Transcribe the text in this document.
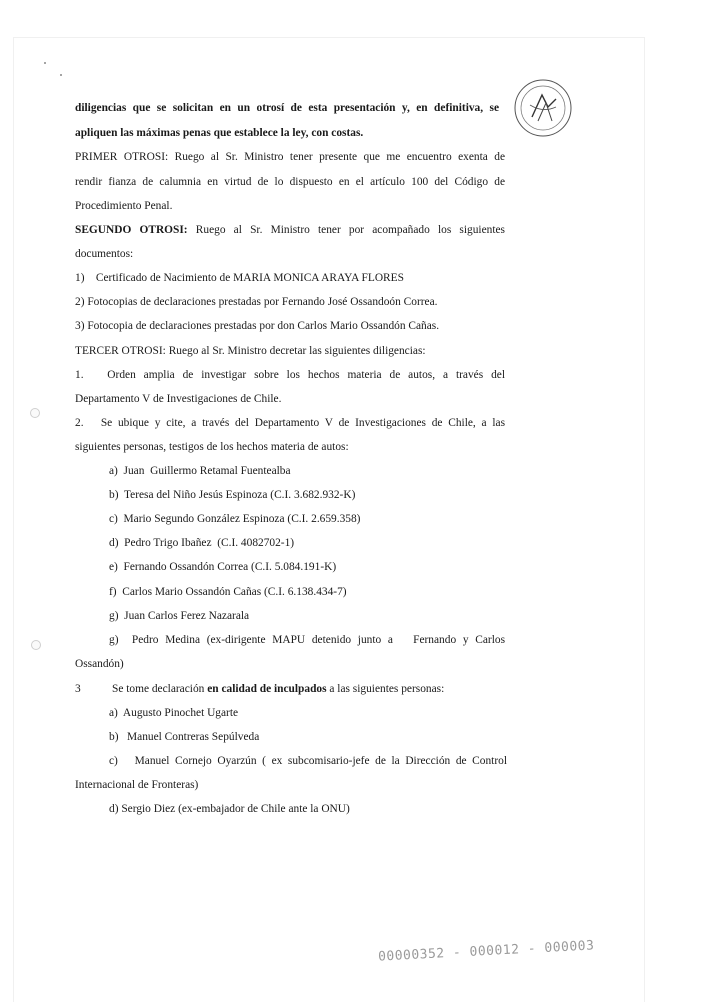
diligencias que se solicitan en un otrosí de esta presentación y, en definitiva, se
apliquen las máximas penas que establece la ley, con costas.
PRIMER OTROSI: Ruego al Sr. Ministro tener presente que me encuentro exenta de
rendir fianza de calumnia en virtud de lo dispuesto en el artículo 100 del Código de
Procedimiento Penal.
SEGUNDO OTROSI: Ruego al Sr. Ministro tener por acompañado los siguientes
documentos:
1)    Certificado de Nacimiento de MARIA MONICA ARAYA FLORES
2) Fotocopias de declaraciones prestadas por Fernando José Ossandoón Correa.
3) Fotocopia de declaraciones prestadas por don Carlos Mario Ossandón Cañas.
TERCER OTROSI: Ruego al Sr. Ministro decretar las siguientes diligencias:
1.   Orden amplia de investigar sobre los hechos materia de autos, a través del
Departamento V de Investigaciones de Chile.
2.   Se ubique y cite, a través del Departamento V de Investigaciones de Chile, a las
siguientes personas, testigos de los hechos materia de autos:
a)  Juan  Guillermo Retamal Fuentealba
b)  Teresa del Niño Jesús Espinoza (C.I. 3.682.932-K)
c)  Mario Segundo González Espinoza (C.I. 2.659.358)
d)  Pedro Trigo Ibañez  (C.I. 4082702-1)
e)  Fernando Ossandón Correa (C.I. 5.084.191-K)
f)  Carlos Mario Ossandón Cañas (C.I. 6.138.434-7)
g)  Juan Carlos Ferez Nazarala
g)  Pedro Medina (ex-dirigente MAPU detenido junto a   Fernando y Carlos
Ossandón)
3	Se tome declaración en calidad de inculpados a las siguientes personas:
a)  Augusto Pinochet Ugarte
b)   Manuel Contreras Sepúlveda
c)   Manuel Cornejo Oyarzún ( ex subcomisario-jefe de la Dirección de Control
Internacional de Fronteras)
d) Sergio Diez (ex-embajador de Chile ante la ONU)
00000352 - 000012 - 000003
